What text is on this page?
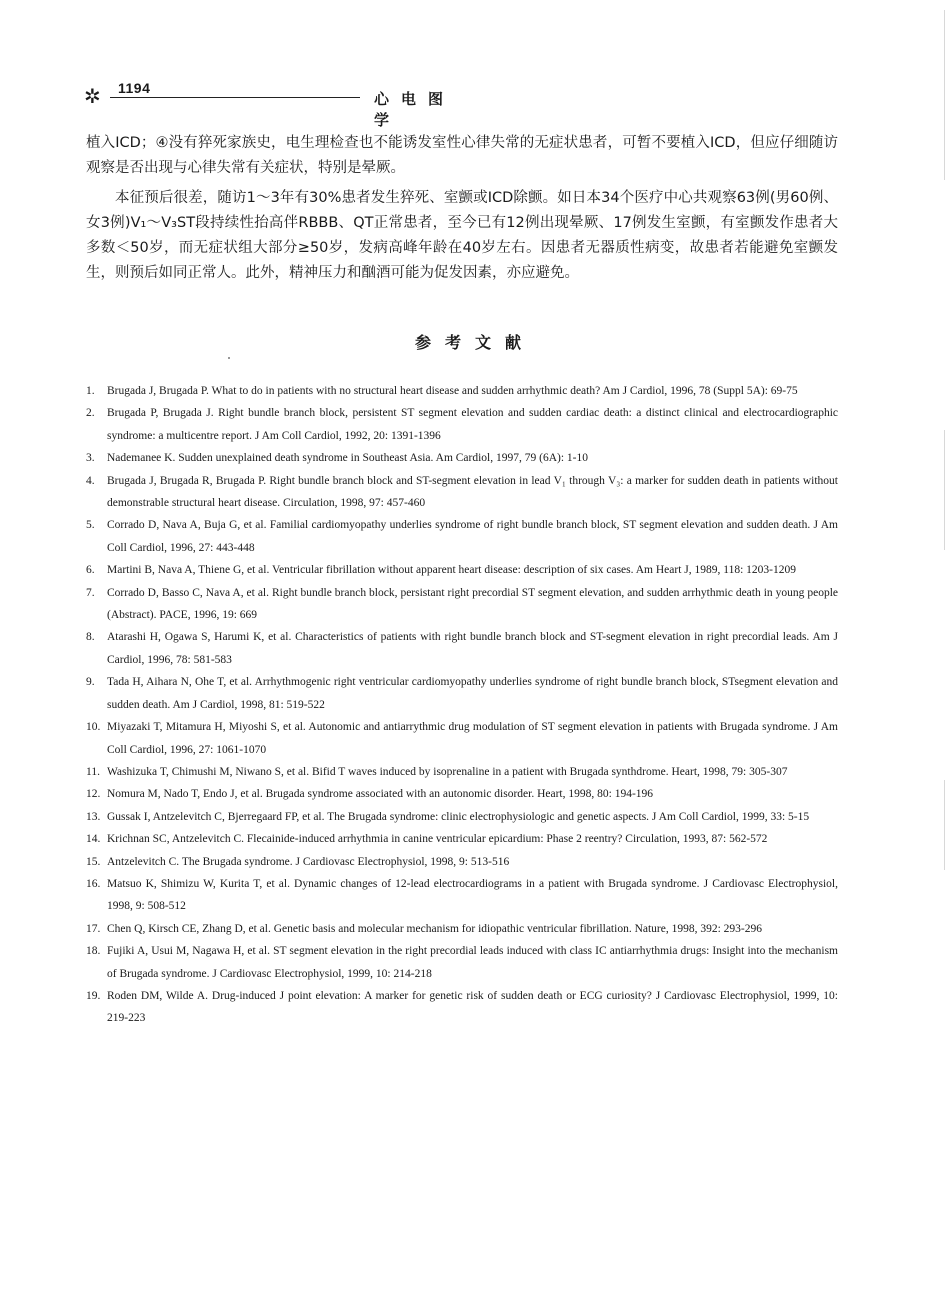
✲ 1194
心电图学

植入ICD；④没有猝死家族史，电生理检查也不能诱发室性心律失常的无症状患者，可暂不要植入ICD，但应仔细随访观察是否出现与心律失常有关症状，特别是晕厥。

本征预后很差，随访1～3年有30%患者发生猝死、室颤或ICD除颤。如日本34个医疗中心共观察63例(男60例、女3例)V₁～V₃ST段持续性抬高伴RBBB、QT正常患者，至今已有12例出现晕厥、17例发生室颤，有室颤发作患者大多数＜50岁，而无症状组大部分≥50岁，发病高峰年龄在40岁左右。因患者无器质性病变，故患者若能避免室颤发生，则预后如同正常人。此外，精神压力和酗酒可能为促发因素，亦应避免。

参考文献
1. Brugada J, Brugada P. What to do in patients with no structural heart disease and sudden arrhythmic death? Am J Cardiol, 1996, 78 (Suppl 5A): 69-75
2. Brugada P, Brugada J. Right bundle branch block, persistent ST segment elevation and sudden cardiac death: a distinct clinical and electrocardiographic syndrome: a multicentre report. J Am Coll Cardiol, 1992, 20: 1391-1396
3. Nademanee K. Sudden unexplained death syndrome in Southeast Asia. Am Cardiol, 1997, 79 (6A): 1-10
4. Brugada J, Brugada R, Brugada P. Right bundle branch block and ST-segment elevation in lead V₁ through V₃: a marker for sudden death in patients without demonstrable structural heart disease. Circulation, 1998, 97: 457-460
5. Corrado D, Nava A, Buja G, et al. Familial cardiomyopathy underlies syndrome of right bundle branch block, ST segment elevation and sudden death. J Am Coll Cardiol, 1996, 27: 443-448
6. Martini B, Nava A, Thiene G, et al. Ventricular fibrillation without apparent heart disease: description of six cases. Am Heart J, 1989, 118: 1203-1209
7. Corrado D, Basso C, Nava A, et al. Right bundle branch block, persistant right precordial ST segment elevation, and sudden arrhythmic death in young people (Abstract). PACE, 1996, 19: 669
8. Atarashi H, Ogawa S, Harumi K, et al. Characteristics of patients with right bundle branch block and ST-segment elevation in right precordial leads. Am J Cardiol, 1996, 78: 581-583
9. Tada H, Aihara N, Ohe T, et al. Arrhythmogenic right ventricular cardiomyopathy underlies syndrome of right bundle branch block, STsegment elevation and sudden death. Am J Cardiol, 1998, 81: 519-522
10. Miyazaki T, Mitamura H, Miyoshi S, et al. Autonomic and antiarrythmic drug modulation of ST segment elevation in patients with Brugada syndrome. J Am Coll Cardiol, 1996, 27: 1061-1070
11. Washizuka T, Chimushi M, Niwano S, et al. Bifid T waves induced by isoprenaline in a patient with Brugada synthdrome. Heart, 1998, 79: 305-307
12. Nomura M, Nado T, Endo J, et al. Brugada syndrome associated with an autonomic disorder. Heart, 1998, 80: 194-196
13. Gussak I, Antzelevitch C, Bjerregaard FP, et al. The Brugada syndrome: clinic electrophysiologic and genetic aspects. J Am Coll Cardiol, 1999, 33: 5-15
14. Krichnan SC, Antzelevitch C. Flecainide-induced arrhythmia in canine ventricular epicardium: Phase 2 reentry? Circulation, 1993, 87: 562-572
15. Antzelevitch C. The Brugada syndrome. J Cardiovasc Electrophysiol, 1998, 9: 513-516
16. Matsuo K, Shimizu W, Kurita T, et al. Dynamic changes of 12-lead electrocardiograms in a patient with Brugada syndrome. J Cardiovasc Electrophysiol, 1998, 9: 508-512
17. Chen Q, Kirsch CE, Zhang D, et al. Genetic basis and molecular mechanism for idiopathic ventricular fibrillation. Nature, 1998, 392: 293-296
18. Fujiki A, Usui M, Nagawa H, et al. ST segment elevation in the right precordial leads induced with class IC antiarrhythmia drugs: Insight into the mechanism of Brugada syndrome. J Cardiovasc Electrophysiol, 1999, 10: 214-218
19. Roden DM, Wilde A. Drug-induced J point elevation: A marker for genetic risk of sudden death or ECG curiosity? J Cardiovasc Electrophysiol, 1999, 10: 219-223
